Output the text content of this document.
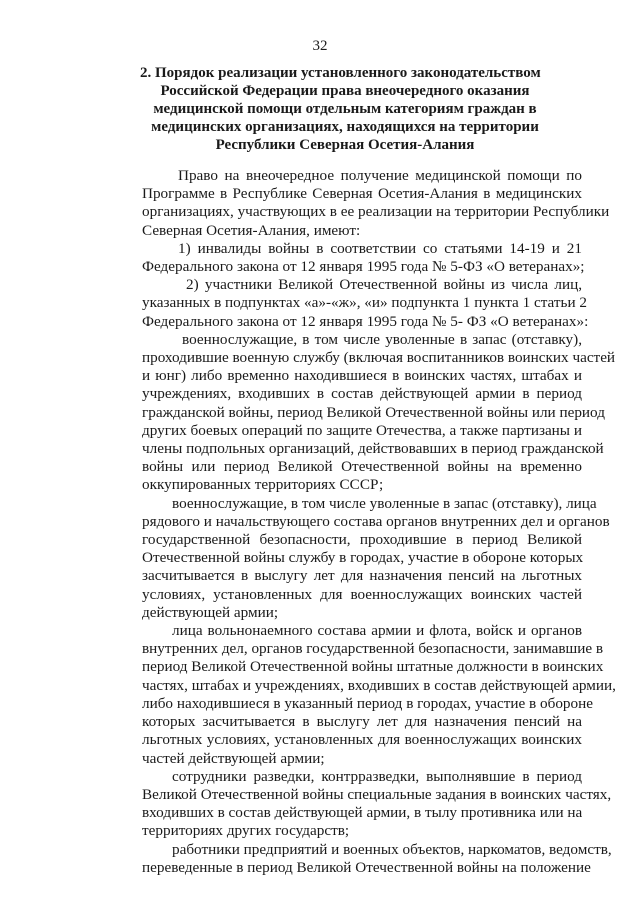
32
2. Порядок реализации установленного законодательством
Российской Федерации права внеочередного оказания
медицинской помощи отдельным категориям граждан в
медицинских организациях, находящихся на территории
Республики Северная Осетия-Алания
Право на внеочередное получение медицинской помощи по
Программе в Республике Северная Осетия-Алания в медицинских
организациях, участвующих в ее реализации на территории Республики
Северная Осетия-Алания, имеют:
1) инвалиды войны в соответствии со статьями 14-19 и 21
Федерального закона от 12 января 1995 года № 5-ФЗ «О ветеранах»;
2) участники Великой Отечественной войны из числа лиц,
указанных в подпунктах «а»-«ж», «и» подпункта 1 пункта 1 статьи 2
Федерального закона от 12 января 1995 года № 5- ФЗ «О ветеранах»:
военнослужащие, в том числе уволенные в запас (отставку),
проходившие военную службу (включая воспитанников воинских частей
и юнг) либо временно находившиеся в воинских частях, штабах и
учреждениях, входивших в состав действующей армии в период
гражданской войны, период Великой Отечественной войны или период
других боевых операций по защите Отечества, а также партизаны и
члены подпольных организаций, действовавших в период гражданской
войны или период Великой Отечественной войны на временно
оккупированных территориях СССР;
военнослужащие, в том числе уволенные в запас (отставку), лица
рядового и начальствующего состава органов внутренних дел и органов
государственной безопасности, проходившие в период Великой
Отечественной войны службу в городах, участие в обороне которых
засчитывается в выслугу лет для назначения пенсий на льготных
условиях, установленных для военнослужащих воинских частей
действующей армии;
лица вольнонаемного состава армии и флота, войск и органов
внутренних дел, органов государственной безопасности, занимавшие в
период Великой Отечественной войны штатные должности в воинских
частях, штабах и учреждениях, входивших в состав действующей армии,
либо находившиеся в указанный период в городах, участие в обороне
которых засчитывается в выслугу лет для назначения пенсий на
льготных условиях, установленных для военнослужащих воинских
частей действующей армии;
сотрудники разведки, контрразведки, выполнявшие в период
Великой Отечественной войны специальные задания в воинских частях,
входивших в состав действующей армии, в тылу противника или на
территориях других государств;
работники предприятий и военных объектов, наркоматов, ведомств,
переведенные в период Великой Отечественной войны на положение
